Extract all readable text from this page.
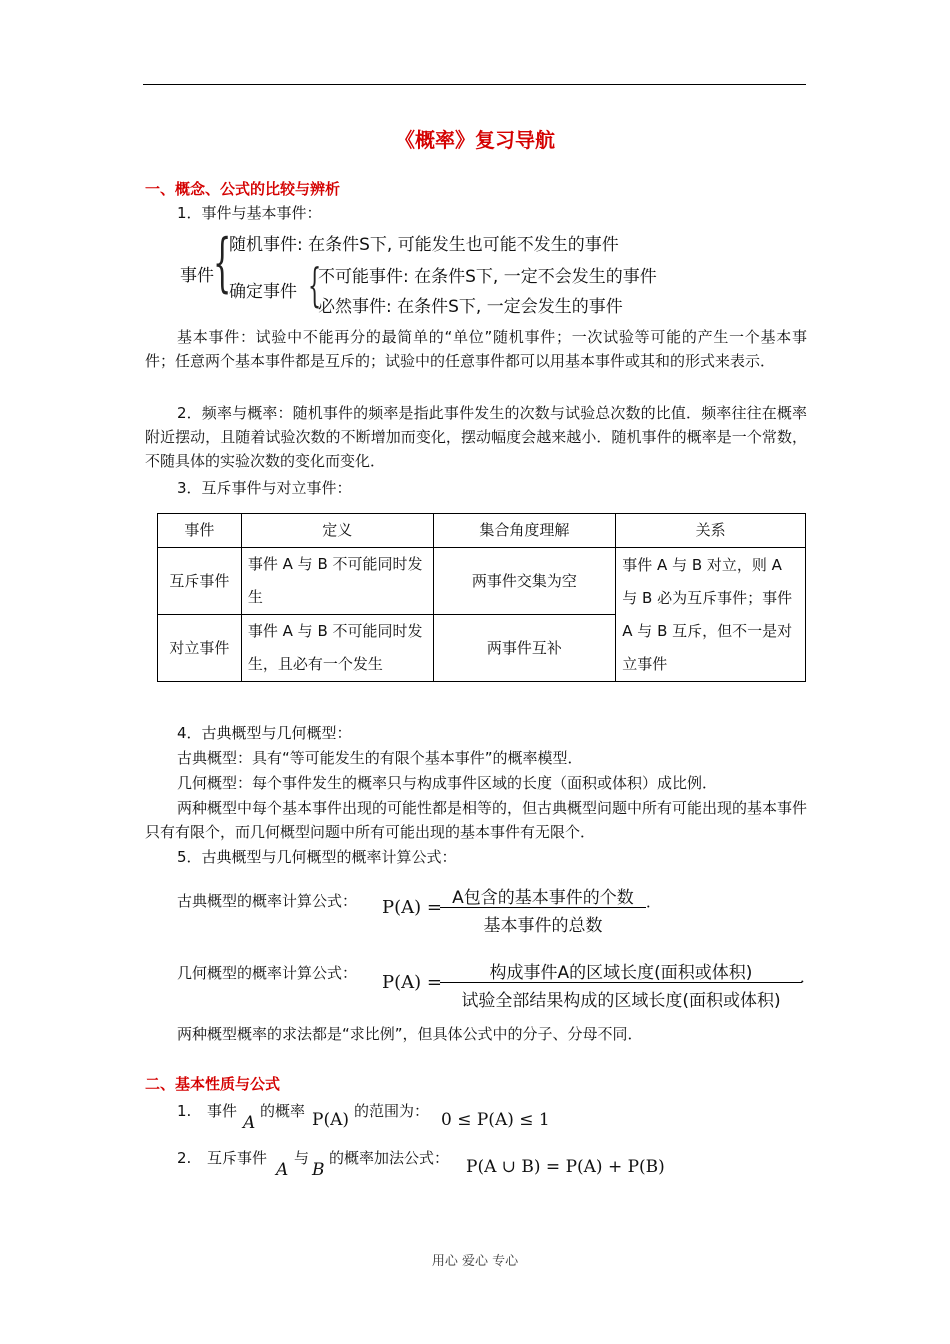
《概率》复习导航
一、概念、公式的比较与辨析
1．事件与基本事件：
事件 {
随机事件: 在条件S下, 可能发生也可能不发生的事件
确定事件 {
不可能事件: 在条件S下, 一定不会发生的事件
必然事件: 在条件S下, 一定会发生的事件
基本事件：试验中不能再分的最简单的“单位”随机事件；一次试验等可能的产生一个基本事件；任意两个基本事件都是互斥的；试验中的任意事件都可以用基本事件或其和的形式来表示．
2．频率与概率：随机事件的频率是指此事件发生的次数与试验总次数的比值．频率往往在概率附近摆动，且随着试验次数的不断增加而变化，摆动幅度会越来越小．随机事件的概率是一个常数，不随具体的实验次数的变化而变化．
3．互斥事件与对立事件：
事件	定义	集合角度理解	关系
互斥事件	事件 A 与 B 不可能同时发生	两事件交集为空	事件 A 与 B 对立，则 A 与 B 必为互斥事件；事件 A 与 B 互斥，但不一是对立事件
对立事件	事件 A 与 B 不可能同时发生，且必有一个发生	两事件互补	
4．古典概型与几何概型：
古典概型：具有“等可能发生的有限个基本事件”的概率模型．
几何概型：每个事件发生的概率只与构成事件区域的长度（面积或体积）成比例．
两种概型中每个基本事件出现的可能性都是相等的，但古典概型问题中所有可能出现的基本事件只有有限个，而几何概型问题中所有可能出现的基本事件有无限个．
5．古典概型与几何概型的概率计算公式：
古典概型的概率计算公式： P(A) = A包含的基本事件的个数
基本事件的总数
．
几何概型的概率计算公式： P(A) =	构成事件A的区域长度(面积或体积)
试验全部结果构成的区域长度(面积或体积)
．
两种概型概率的求法都是“求比例”，但具体公式中的分子、分母不同．
二、基本性质与公式
1. 事件
A
的概率 P(A) 的范围为： 0 ≤ P(A) ≤ 1
2. 互斥事件
A
与
B
的概率加法公式： P(A ∪ B) = P(A) + P(B)
用心 爱心 专心
